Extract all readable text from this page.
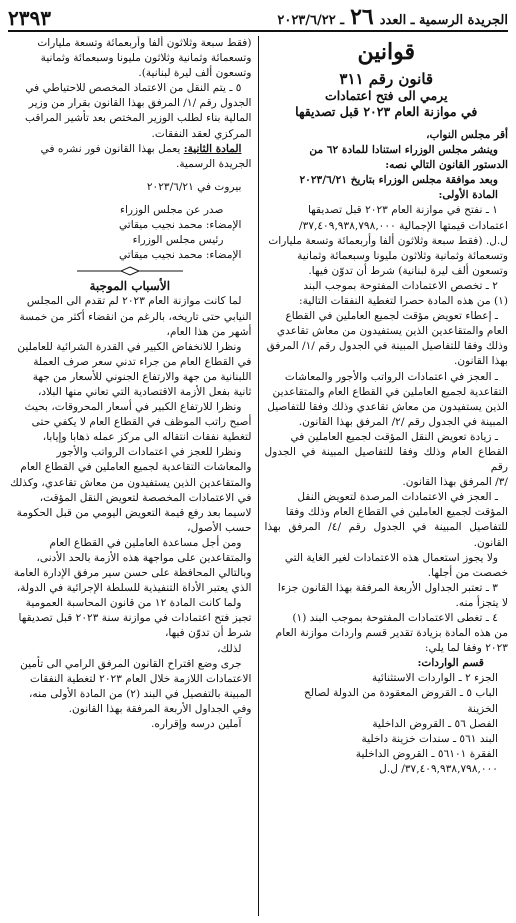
الجريدة الرسمية ـ العدد
٢٦
ـ ٢٠٢٣/٦/٢٢
٢٣٩٣
قوانين
قانون رقم ٣١١
يرمي الى فتح اعتمادات
في موازنة العام ٢٠٢٣ قبل تصديقها

أقر مجلس النواب،

وينشر مجلس الوزراء استنادا للمادة ٦٢ من

الدستور القانون التالي نصه:

وبعد موافقة مجلس الوزراء بتاريخ ٢٠٢٣/٦/٢١

المادة الأولى:

١ ـ نفتح في موازنة العام ٢٠٢٣ قبل تصديقها

اعتمادات قيمتها الإجمالية ٣٧,٤٠٩,٩٣٨,٧٩٨,٠٠٠/

ل.ل. (فقط سبعة وثلاثون ألفا وأربعمائة وتسعة مليارات

وتسعمائة وثمانية وثلاثون مليونا وسبعمائة وثمانية

وتسعون ألف ليرة لبنانية) شرط أن تدوّن فيها.

٢ ـ تخصص الاعتمادات المفتوحة بموجب البند

(١) من هذه المادة حصرا لتغطية النفقات التالية:

ـ إعطاء تعويض مؤقت لجميع العاملين في القطاع

العام والمتقاعدين الذين يستفيدون من معاش تقاعدي

وذلك وفقا للتفاصيل المبينة في الجدول رقم /١/ المرفق

بهذا القانون.

ـ العجز في اعتمادات الرواتب والأجور والمعاشات

التقاعدية لجميع العاملين في القطاع العام والمتقاعدين

الذين يستفيدون من معاش تقاعدي وذلك وفقا للتفاصيل

المبينة في الجدول رقم /٢/ المرفق بهذا القانون.

ـ زيادة تعويض النقل المؤقت لجميع العاملين في

القطاع العام وذلك وفقا للتفاصيل المبينة في الجدول رقم

/٣/ المرفق بهذا القانون.

ـ العجز في الاعتمادات المرصدة لتعويض النقل

المؤقت لجميع العاملين في القطاع العام وذلك وفقا

للتفاصيل المبينة في الجدول رقم /٤/ المرفق بهذا القانون.

ولا يجوز استعمال هذه الاعتمادات لغير الغاية التي

خصصت من أجلها.

٣ ـ تعتبر الجداول الأربعة المرفقة بهذا القانون جزءا

لا يتجزأ منه.

٤ ـ تغطى الاعتمادات المفتوحة بموجب البند (١)

من هذه المادة بزيادة تقدير قسم واردات موازنة العام

٢٠٢٣ وفقا لما يلي:

قسم الواردات:

الجزء ٢ ـ الواردات الاستثنائية

الباب ٥ ـ القروض المعقودة من الدولة لصالح

الخزينة

الفصل ٥٦ ـ القروض الداخلية

البند ٥٦١ ـ سندات خزينة داخلية

الفقرة ٥٦١٠١ ـ القروض الداخلية

٣٧,٤٠٩,٩٣٨,٧٩٨,٠٠٠/ ل.ل

(فقط سبعة وثلاثون ألفا وأربعمائة وتسعة مليارات

وتسعمائة وثمانية وثلاثون مليونا وسبعمائة وثمانية

وتسعون ألف ليرة لبنانية).

٥ ـ يتم النقل من الاعتماد المخصص للاحتياطي في

الجدول رقم /١/ المرفق بهذا القانون بقرار من وزير

المالية بناء لطلب الوزير المختص بعد تأشير المراقب

المركزي لعقد النفقات.

المادة الثانية: يعمل بهذا القانون فور نشره في

الجريدة الرسمية.

بيروت في ٢٠٢٣/٦/٢١

صدر عن مجلس الوزراء

الإمضاء: محمد نجيب ميقاتي

رئيس مجلس الوزراء

الإمضاء: محمد نجيب ميقاتي

الأسباب الموجبة

لما كانت موازنة العام ٢٠٢٣ لم تقدم الى المجلس

النيابي حتى تاريخه، بالرغم من انقضاء أكثر من خمسة

أشهر من هذا العام،

ونظرا للانخفاض الكبير في القدرة الشرائية للعاملين

في القطاع العام من جراء تدني سعر صرف العملة

اللبنانية من جهة والارتفاع الجنوني للأسعار من جهة

ثانية بفعل الأزمة الاقتصادية التي تعاني منها البلاد،

ونظرا للارتفاع الكبير في أسعار المحروقات، بحيث

أصبح راتب الموظف في القطاع العام لا يكفي حتى

لتغطية نفقات انتقاله الى مركز عمله ذهابا وإيابا،

ونظرا للعجز في اعتمادات الرواتب والأجور

والمعاشات التقاعدية لجميع العاملين في القطاع العام

والمتقاعدين الذين يستفيدون من معاش تقاعدي، وكذلك

في الاعتمادات المخصصة لتعويض النقل المؤقت،

لاسيما بعد رفع قيمة التعويض اليومي من قبل الحكومة

حسب الأصول،

ومن أجل مساعدة العاملين في القطاع العام

والمتقاعدين على مواجهة هذه الأزمة بالحد الأدنى،

وبالتالي المحافظة على حسن سير مرفق الإدارة العامة

الذي يعتبر الأداة التنفيذية للسلطة الإجرائية في الدولة،

ولما كانت المادة ١٢ من قانون المحاسبة العمومية

تجيز فتح اعتمادات في موازنة سنة ٢٠٢٣ قبل تصديقها

شرط أن تدوّن فيها،

لذلك،

جرى وضع اقتراح القانون المرفق الرامي الى تأمين

الاعتمادات اللازمة خلال العام ٢٠٢٣ لتغطية النفقات

المبينة بالتفصيل في البند (٢) من المادة الأولى منه،

وفي الجداول الأربعة المرفقة بهذا القانون.

آملين درسه وإقراره.
